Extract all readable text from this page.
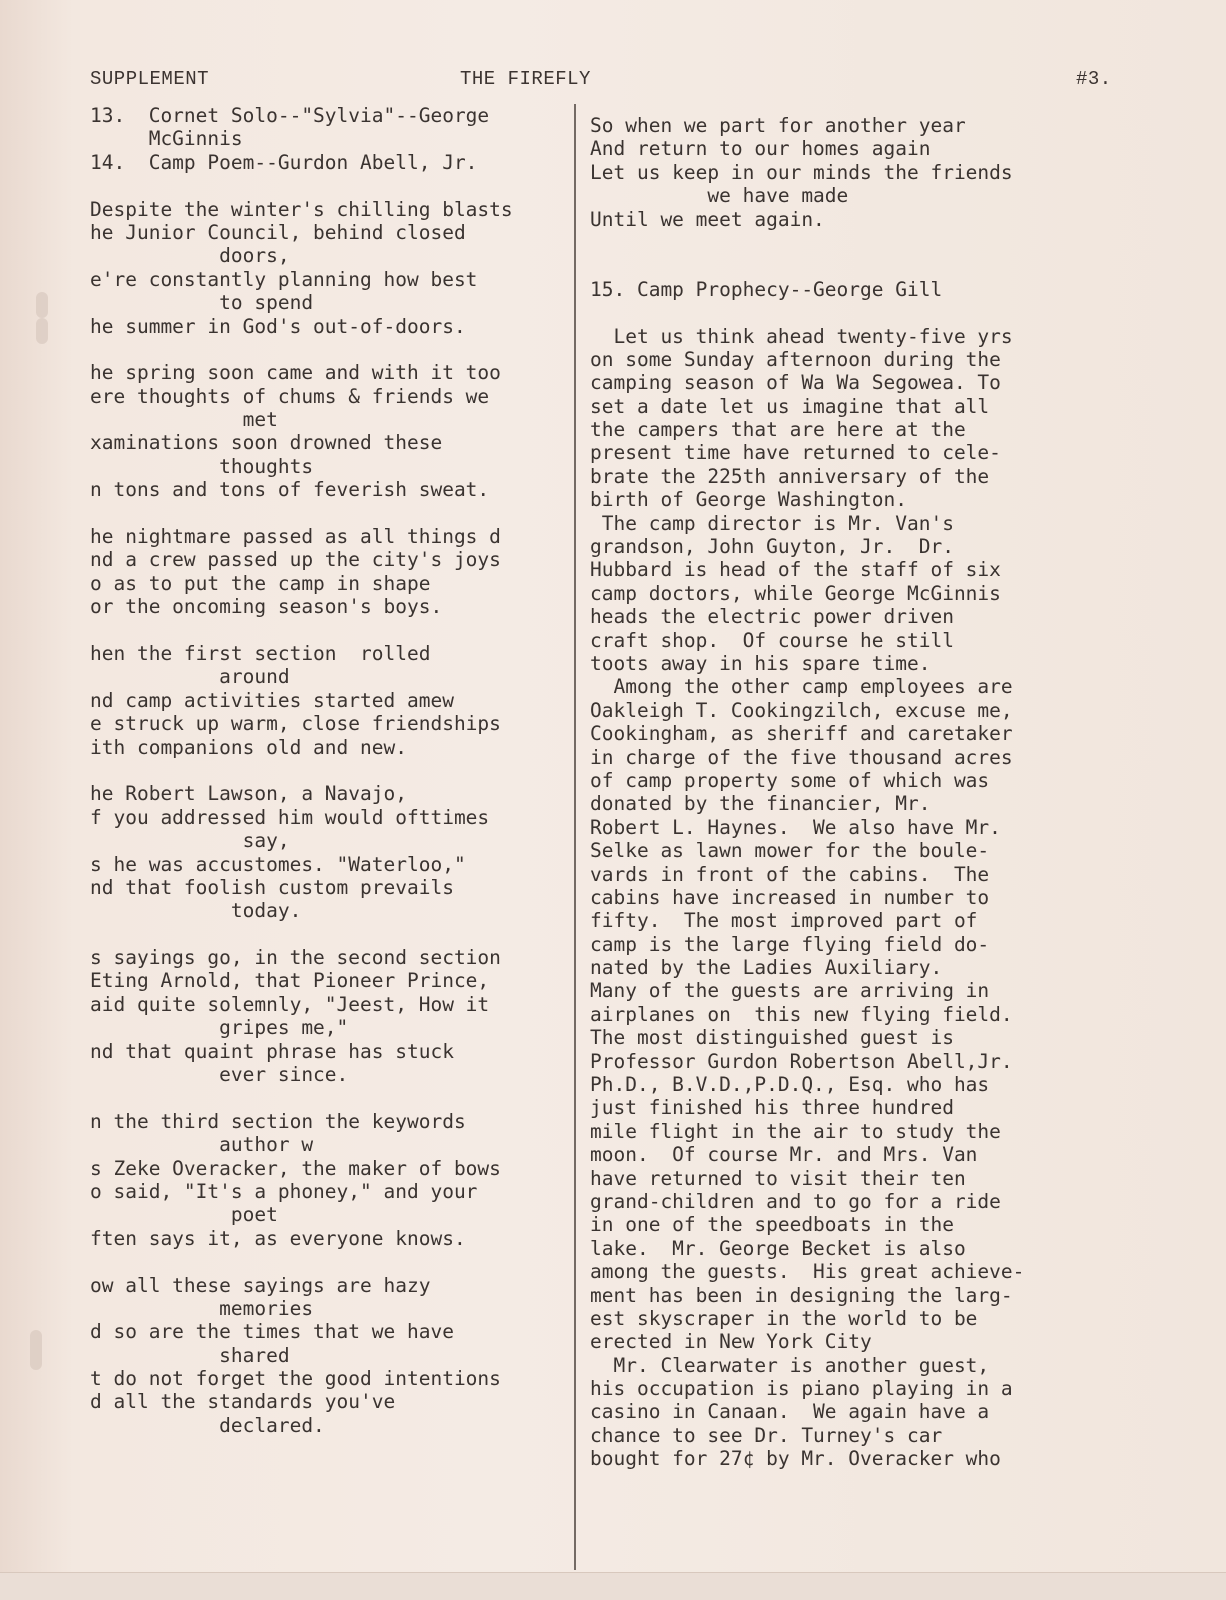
SUPPLEMENT	THE FIREFLY	#3.
13.  Cornet Solo--"Sylvia"--George
McGinnis
14.  Camp Poem--Gurdon Abell, Jr.
Despite the winter's chilling blasts
he Junior Council, behind closed
doors,
e're constantly planning how best
to spend
he summer in God's out-of-doors.
he spring soon came and with it too
ere thoughts of chums & friends we
met
xaminations soon drowned these
thoughts
n tons and tons of feverish sweat.
he nightmare passed as all things d
nd a crew passed up the city's joys
o as to put the camp in shape
or the oncoming season's boys.
hen the first section  rolled
around
nd camp activities started amew
e struck up warm, close friendships
ith companions old and new.
he Robert Lawson, a Navajo,
f you addressed him would ofttimes
say,
s he was accustomes. "Waterloo,"
nd that foolish custom prevails
today.
s sayings go, in the second section
Eting Arnold, that Pioneer Prince,
aid quite solemnly, "Jeest, How it
gripes me,"
nd that quaint phrase has stuck
ever since.
n the third section the keywords
author w
s Zeke Overacker, the maker of bows
o said, "It's a phoney," and your
poet
ften says it, as everyone knows.
ow all these sayings are hazy
memories
d so are the times that we have
shared
t do not forget the good intentions
d all the standards you've
declared.
So when we part for another year
And return to our homes again
Let us keep in our minds the friends
we have made
Until we meet again.
15. Camp Prophecy--George Gill
Let us think ahead twenty-five yrs
on some Sunday afternoon during the
camping season of Wa Wa Segowea. To
set a date let us imagine that all
the campers that are here at the
present time have returned to cele-
brate the 225th anniversary of the
birth of George Washington.
The camp director is Mr. Van's
grandson, John Guyton, Jr.  Dr.
Hubbard is head of the staff of six
camp doctors, while George McGinnis
heads the electric power driven
craft shop.  Of course he still
toots away in his spare time.
Among the other camp employees are
Oakleigh T. Cookingzilch, excuse me,
Cookingham, as sheriff and caretaker
in charge of the five thousand acres
of camp property some of which was
donated by the financier, Mr.
Robert L. Haynes.  We also have Mr.
Selke as lawn mower for the boule-
vards in front of the cabins.  The
cabins have increased in number to
fifty.  The most improved part of
camp is the large flying field do-
nated by the Ladies Auxiliary.
Many of the guests are arriving in
airplanes on  this new flying field.
The most distinguished guest is
Professor Gurdon Robertson Abell,Jr.
Ph.D., B.V.D.,P.D.Q., Esq. who has
just finished his three hundred
mile flight in the air to study the
moon.  Of course Mr. and Mrs. Van
have returned to visit their ten
grand-children and to go for a ride
in one of the speedboats in the
lake.  Mr. George Becket is also
among the guests.  His great achieve-
ment has been in designing the larg-
est skyscraper in the world to be
erected in New York City
Mr. Clearwater is another guest,
his occupation is piano playing in a
casino in Canaan.  We again have a
chance to see Dr. Turney's car
bought for 27¢ by Mr. Overacker who
